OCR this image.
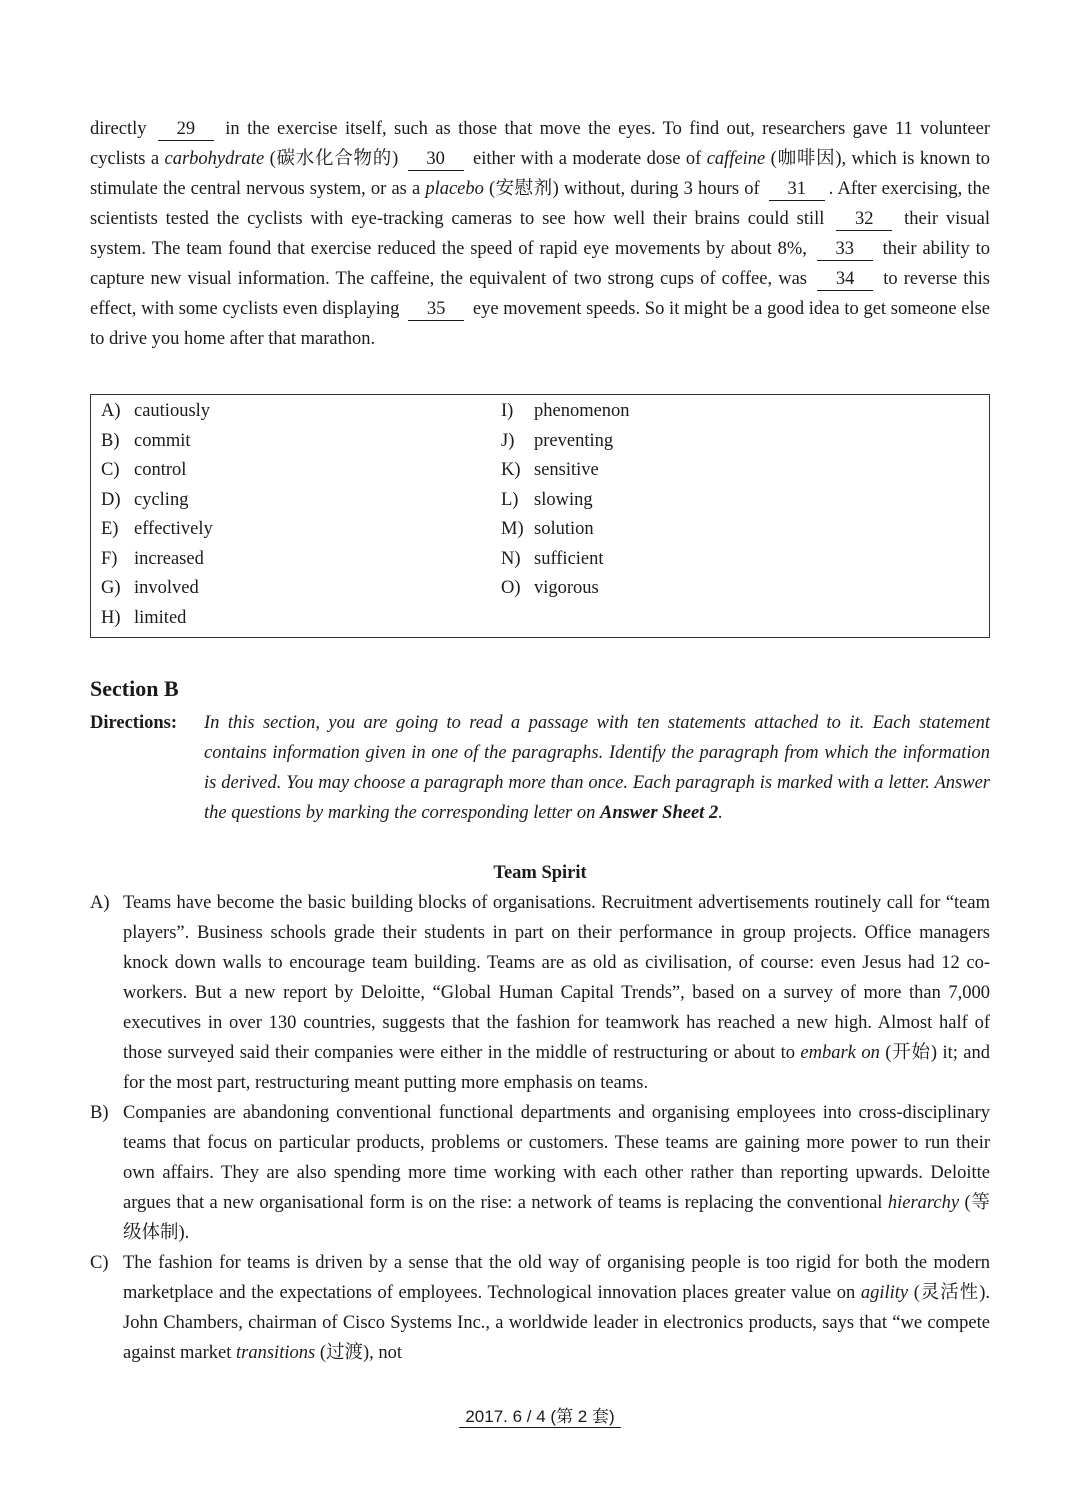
directly 29 in the exercise itself, such as those that move the eyes. To find out, researchers gave 11 volunteer cyclists a carbohydrate (碳水化合物的) 30 either with a moderate dose of caffeine (咖啡因), which is known to stimulate the central nervous system, or as a placebo (安慰剂) without, during 3 hours of 31 . After exercising, the scientists tested the cyclists with eye-tracking cameras to see how well their brains could still 32 their visual system. The team found that exercise reduced the speed of rapid eye movements by about 8%, 33 their ability to capture new visual information. The caffeine, the equivalent of two strong cups of coffee, was 34 to reverse this effect, with some cyclists even displaying 35 eye movement speeds. So it might be a good idea to get someone else to drive you home after that marathon.
A) cautiously
B) commit
C) control
D) cycling
E) effectively
F) increased
G) involved
H) limited
I) phenomenon
J) preventing
K) sensitive
L) slowing
M) solution
N) sufficient
O) vigorous
Section B
Directions: In this section, you are going to read a passage with ten statements attached to it. Each statement contains information given in one of the paragraphs. Identify the paragraph from which the information is derived. You may choose a paragraph more than once. Each paragraph is marked with a letter. Answer the questions by marking the corresponding letter on Answer Sheet 2.
Team Spirit
A) Teams have become the basic building blocks of organisations. Recruitment advertisements routinely call for “team players”. Business schools grade their students in part on their performance in group projects. Office managers knock down walls to encourage team building. Teams are as old as civilisation, of course: even Jesus had 12 co-workers. But a new report by Deloitte, “Global Human Capital Trends”, based on a survey of more than 7,000 executives in over 130 countries, suggests that the fashion for teamwork has reached a new high. Almost half of those surveyed said their companies were either in the middle of restructuring or about to embark on (开始) it; and for the most part, restructuring meant putting more emphasis on teams.
B) Companies are abandoning conventional functional departments and organising employees into cross-disciplinary teams that focus on particular products, problems or customers. These teams are gaining more power to run their own affairs. They are also spending more time working with each other rather than reporting upwards. Deloitte argues that a new organisational form is on the rise: a network of teams is replacing the conventional hierarchy (等级体制).
C) The fashion for teams is driven by a sense that the old way of organising people is too rigid for both the modern marketplace and the expectations of employees. Technological innovation places greater value on agility (灵活性). John Chambers, chairman of Cisco Systems Inc., a worldwide leader in electronics products, says that “we compete against market transitions (过渡), not
2017. 6 / 4 (第 2 套)
